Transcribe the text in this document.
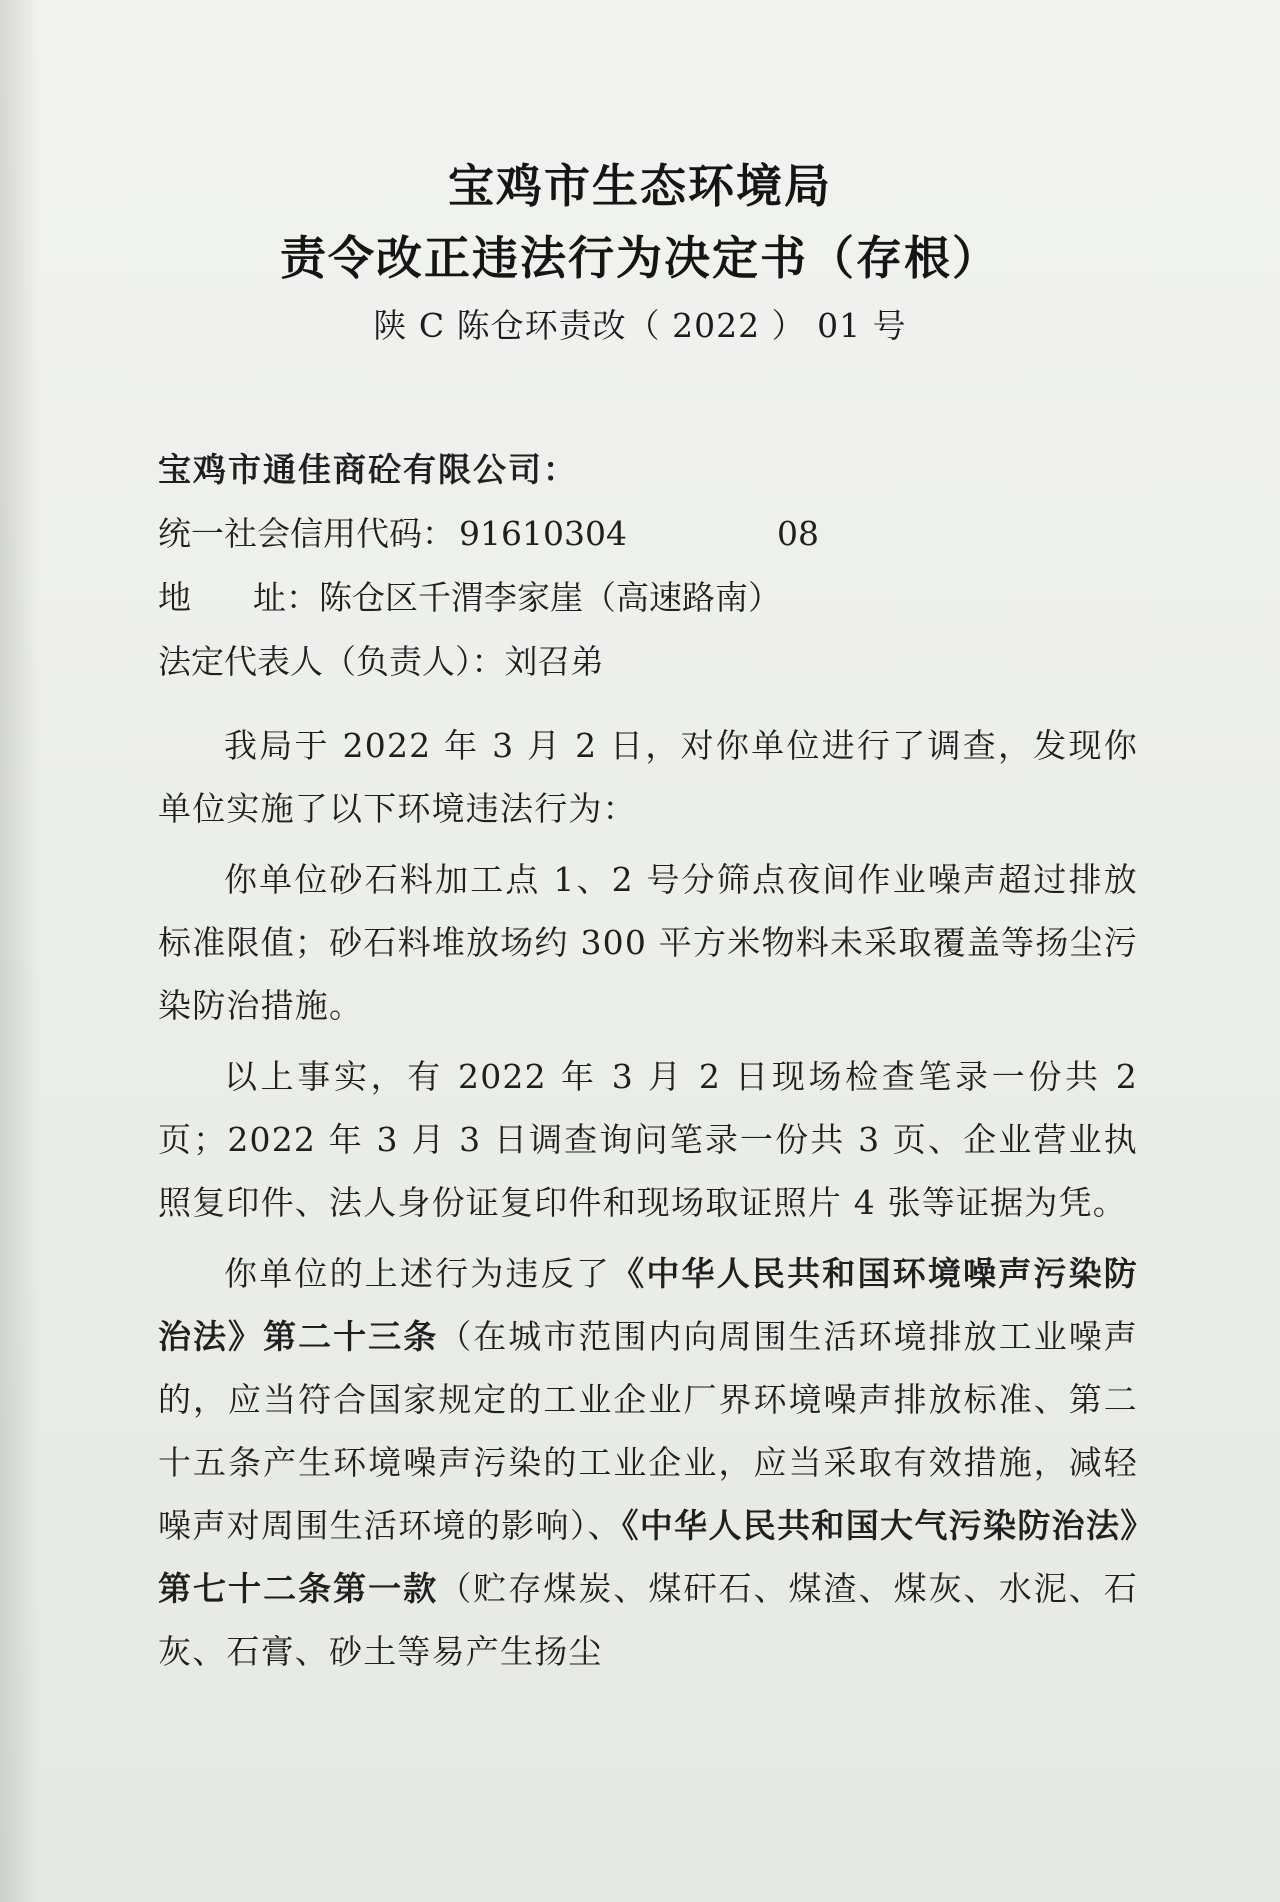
宝鸡市生态环境局
责令改正违法行为决定书（存根）
陕 C 陈仓环责改（ 2022 ） 01 号
宝鸡市通佳商砼有限公司：
统一社会信用代码： 91610304	08
地 址：陈仓区千渭李家崖（高速路南）
法定代表人（负责人）：刘召弟

我局于 2022 年 3 月 2 日，对你单位进行了调查，发现你单位实施了以下环境违法行为：

你单位砂石料加工点 1、2 号分筛点夜间作业噪声超过排放标准限值；砂石料堆放场约 300 平方米物料未采取覆盖等扬尘污染防治措施。

以上事实，有 2022 年 3 月 2 日现场检查笔录一份共 2 页；2022 年 3 月 3 日调查询问笔录一份共 3 页、企业营业执照复印件、法人身份证复印件和现场取证照片 4 张等证据为凭。

你单位的上述行为违反了《中华人民共和国环境噪声污染防治法》第二十三条（在城市范围内向周围生活环境排放工业噪声的，应当符合国家规定的工业企业厂界环境噪声排放标准、第二十五条产生环境噪声污染的工业企业，应当采取有效措施，减轻噪声对周围生活环境的影响）、《中华人民共和国大气污染防治法》第七十二条第一款（贮存煤炭、煤矸石、煤渣、煤灰、水泥、石灰、石膏、砂土等易产生扬尘
